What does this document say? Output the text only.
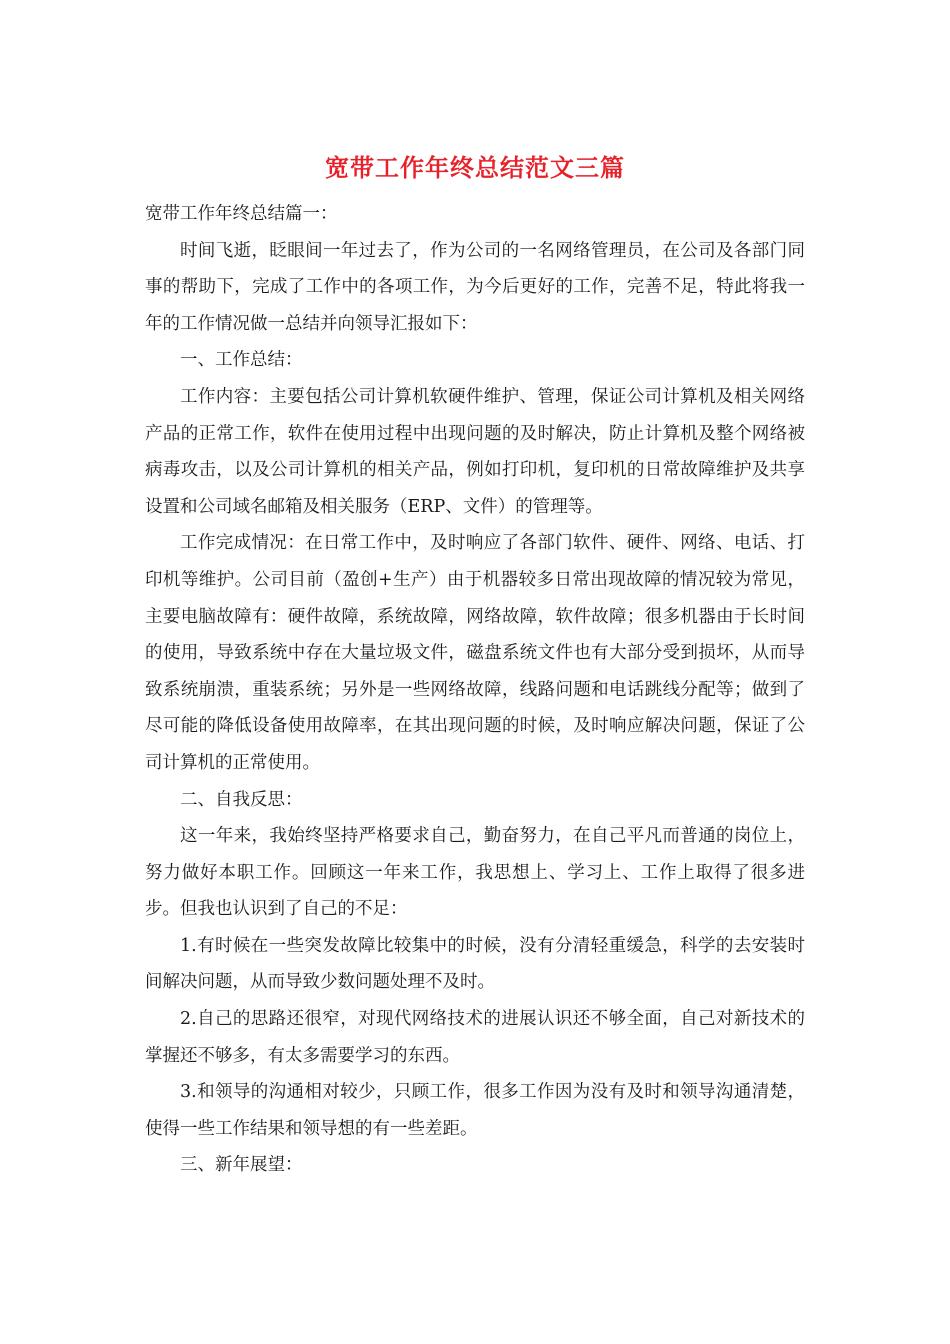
宽带工作年终总结范文三篇

宽带工作年终总结篇一：

时间飞逝，眨眼间一年过去了，作为公司的一名网络管理员，在公司及各部门同事的帮助下，完成了工作中的各项工作，为今后更好的工作，完善不足，特此将我一年的工作情况做一总结并向领导汇报如下：

一、工作总结：

工作内容：主要包括公司计算机软硬件维护、管理，保证公司计算机及相关网络产品的正常工作，软件在使用过程中出现问题的及时解决，防止计算机及整个网络被病毒攻击，以及公司计算机的相关产品，例如打印机，复印机的日常故障维护及共享设置和公司域名邮箱及相关服务（ERP、文件）的管理等。

工作完成情况：在日常工作中，及时响应了各部门软件、硬件、网络、电话、打印机等维护。公司目前（盈创+生产）由于机器较多日常出现故障的情况较为常见，主要电脑故障有：硬件故障，系统故障，网络故障，软件故障；很多机器由于长时间的使用，导致系统中存在大量垃圾文件，磁盘系统文件也有大部分受到损坏，从而导致系统崩溃，重装系统；另外是一些网络故障，线路问题和电话跳线分配等；做到了尽可能的降低设备使用故障率，在其出现问题的时候，及时响应解决问题，保证了公司计算机的正常使用。

二、自我反思：

这一年来，我始终坚持严格要求自己，勤奋努力，在自己平凡而普通的岗位上，努力做好本职工作。回顾这一年来工作，我思想上、学习上、工作上取得了很多进步。但我也认识到了自己的不足：

1.有时候在一些突发故障比较集中的时候，没有分清轻重缓急，科学的去安装时间解决问题，从而导致少数问题处理不及时。

2.自己的思路还很窄，对现代网络技术的进展认识还不够全面，自己对新技术的掌握还不够多，有太多需要学习的东西。

3.和领导的沟通相对较少，只顾工作，很多工作因为没有及时和领导沟通清楚，使得一些工作结果和领导想的有一些差距。

三、新年展望：
